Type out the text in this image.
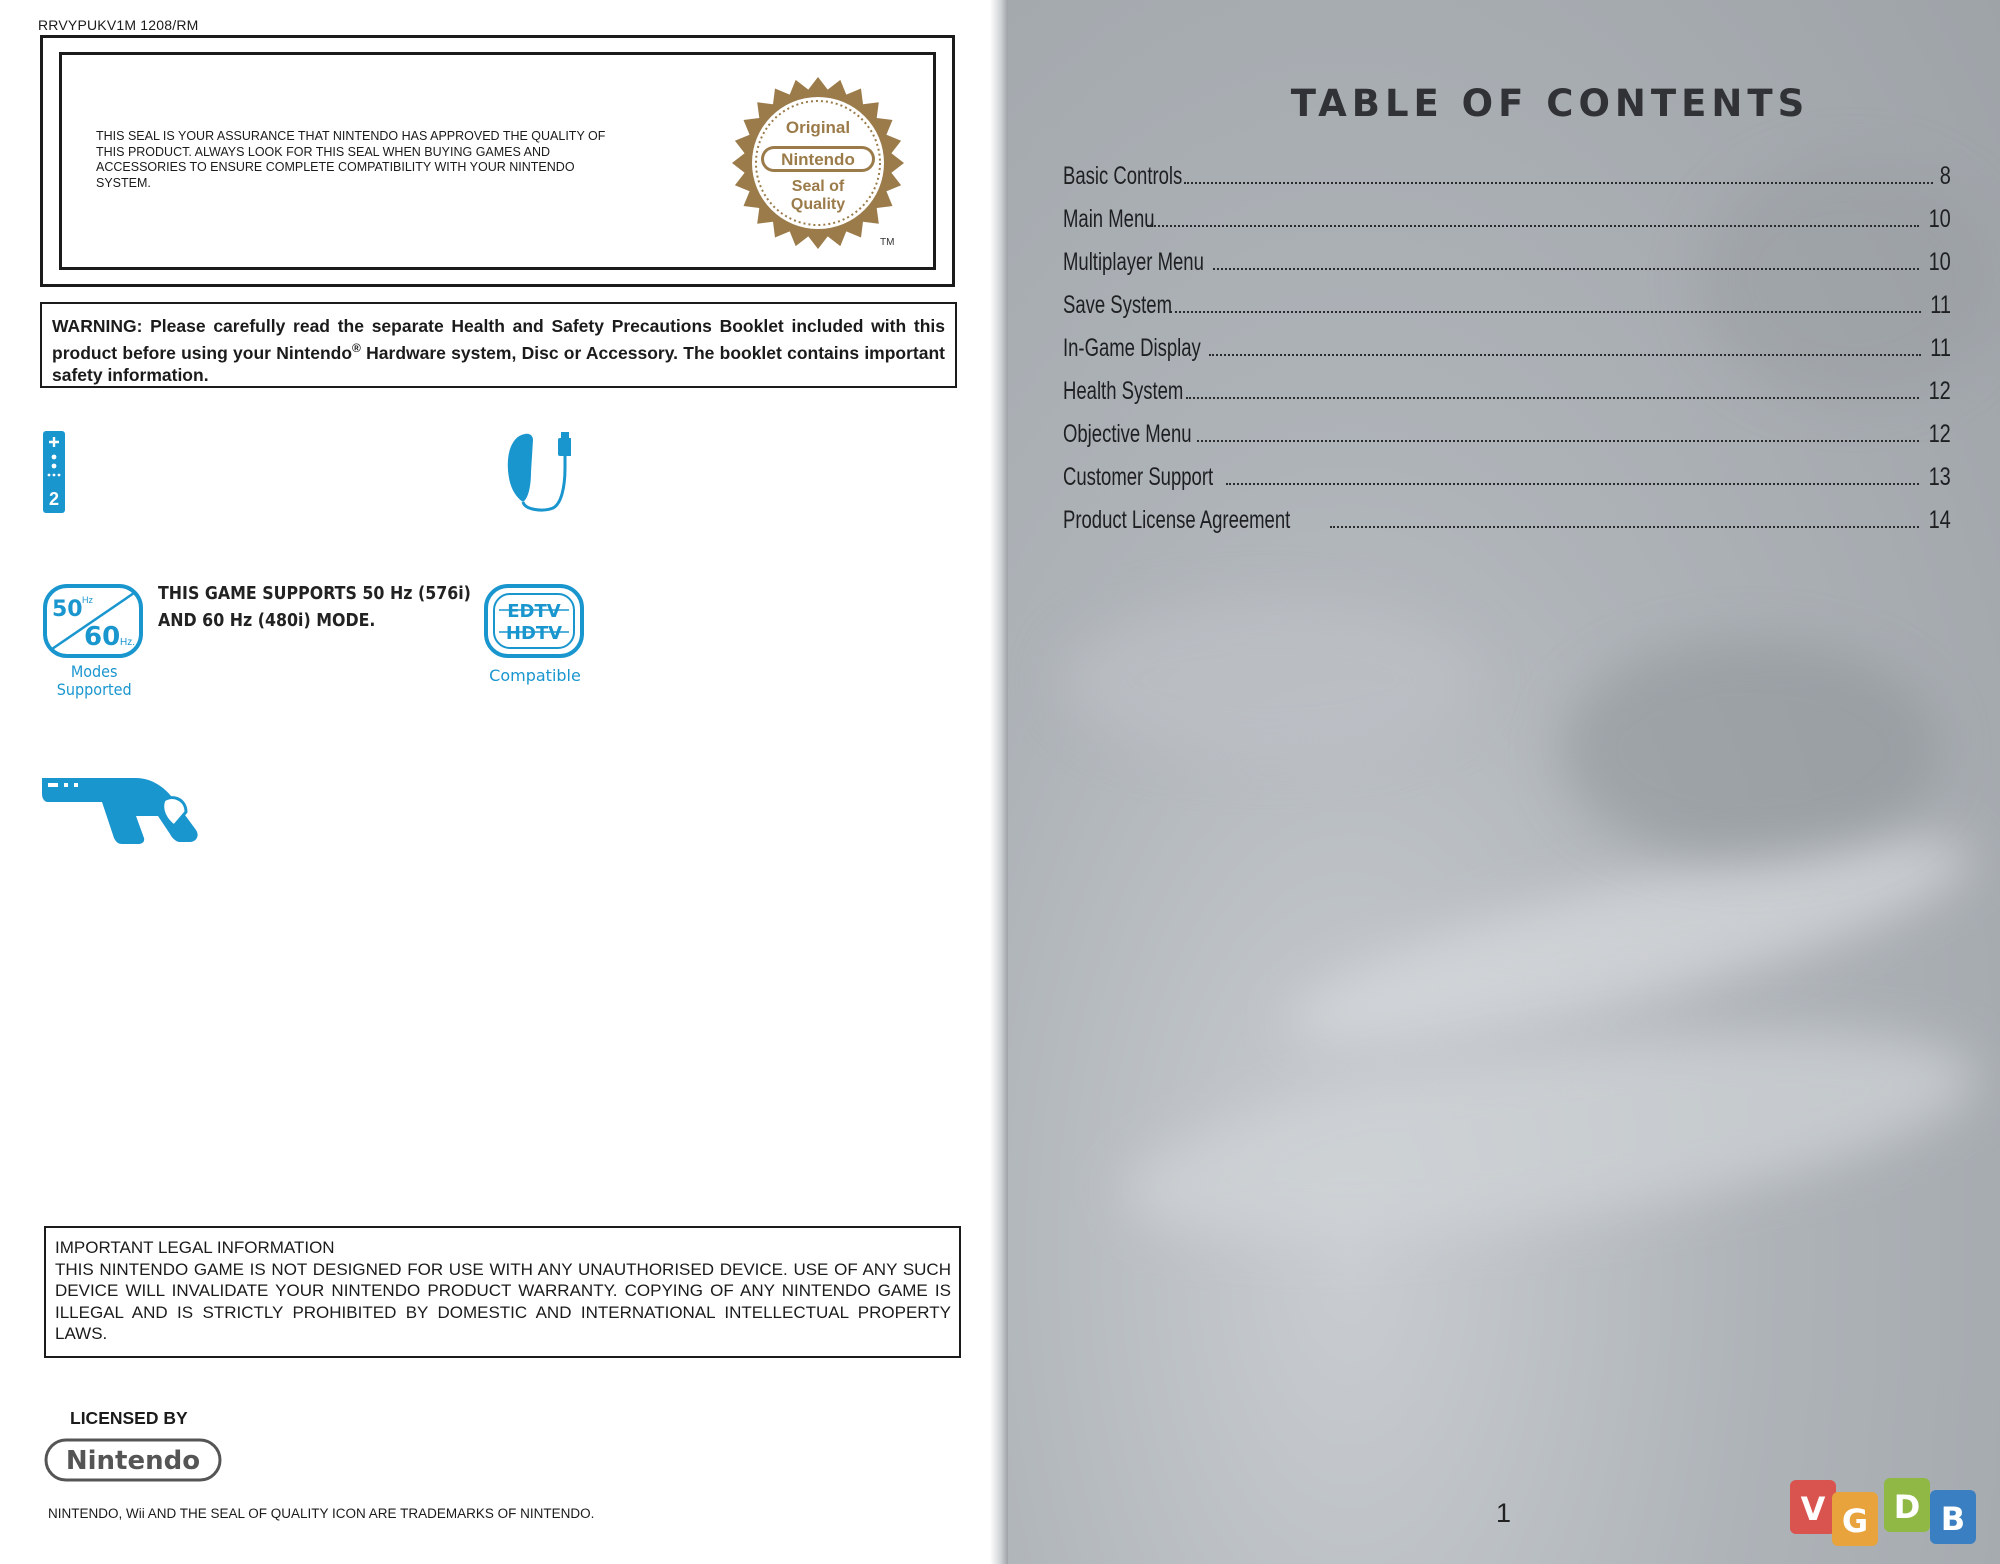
RRVYPUKV1M 1208/RM
THIS SEAL IS YOUR ASSURANCE THAT NINTENDO HAS APPROVED THE QUALITY OF THIS PRODUCT. ALWAYS LOOK FOR THIS SEAL WHEN BUYING GAMES AND ACCESSORIES TO ENSURE COMPLETE COMPATIBILITY WITH YOUR NINTENDO SYSTEM.
Original
Nintendo
Seal of
Quality
TM
WARNING: Please carefully read the separate Health and Safety Precautions Booklet included with this product before using your Nintendo® Hardware system, Disc or Accessory. The booklet contains important safety information.
2
50 Hz
60 Hz.
Modes
Supported
THIS GAME SUPPORTS 50 Hz (576i)
AND 60 Hz (480i) MODE.	EDTV
HDTV
Compatible
IMPORTANT LEGAL INFORMATION
THIS NINTENDO GAME IS NOT DESIGNED FOR USE WITH ANY UNAUTHORISED DEVICE. USE OF ANY SUCH DEVICE WILL INVALIDATE YOUR NINTENDO PRODUCT WARRANTY. COPYING OF ANY NINTENDO GAME IS ILLEGAL AND IS STRICTLY PROHIBITED BY DOMESTIC AND INTERNATIONAL INTELLECTUAL PROPERTY LAWS.
LICENSED BY
Nintendo
NINTENDO, Wii AND THE SEAL OF QUALITY ICON ARE TRADEMARKS OF NINTENDO.
TABLE OF CONTENTS
Basic Controls	8
Main Menu	10
Multiplayer Menu	10
Save System	11
In-Game Display	11
Health System	12
Objective Menu	12
Customer Support	13
Product License Agreement	14
1	V G D B
